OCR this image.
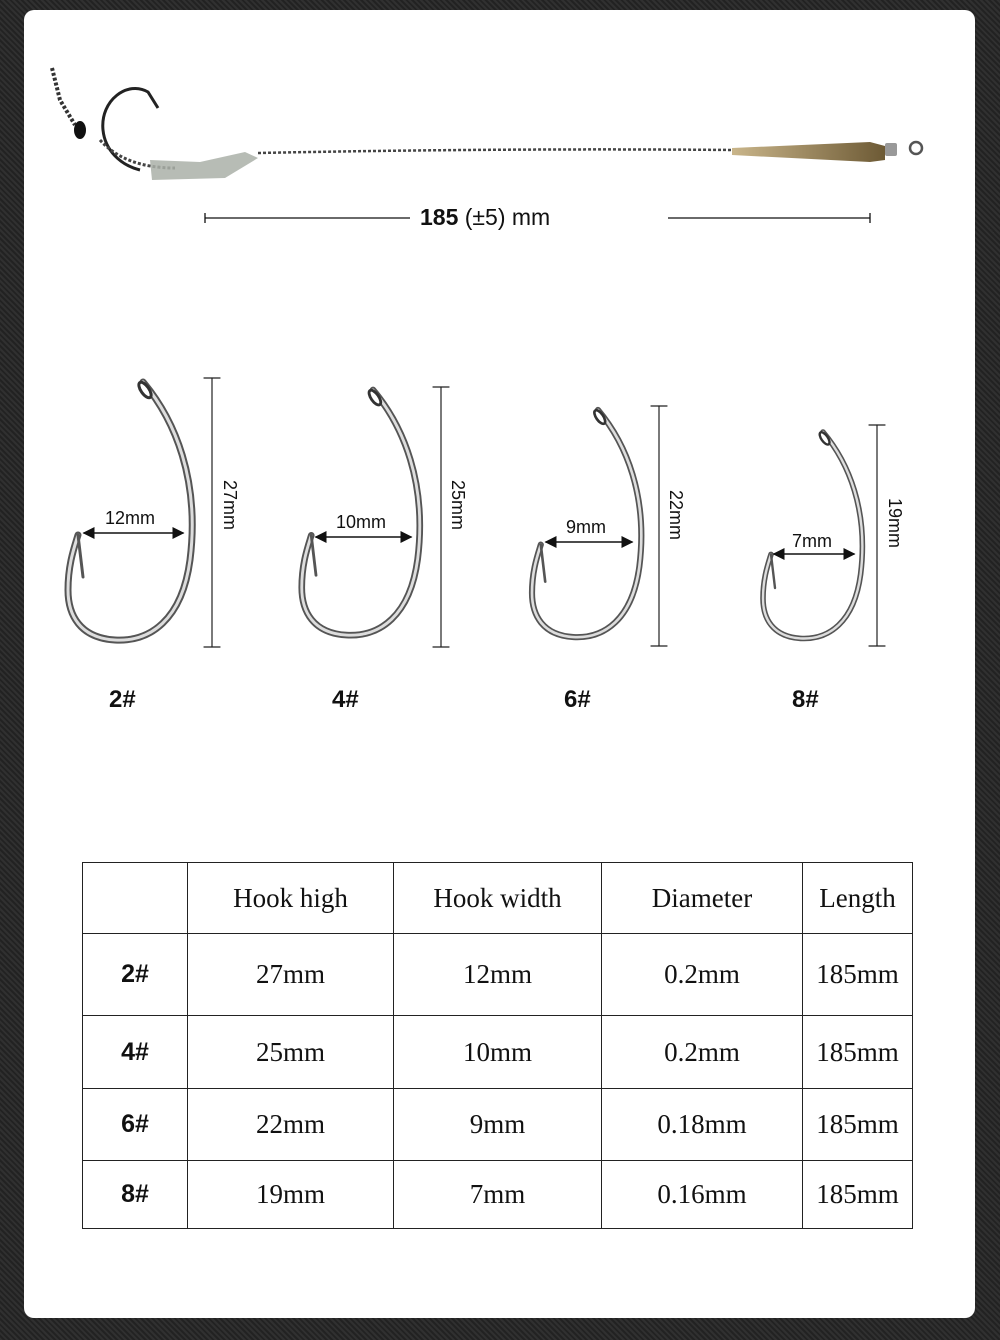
185 (±5) mm
12mm	10mm	9mm
7mm
27mm	25mm	22mm	19mm
2#	4#	6#	8#
	Hook high	Hook width	Diameter	Length
2#	27mm	12mm	0.2mm	185mm
4#	25mm	10mm	0.2mm	185mm
6#	22mm	9mm	0.18mm	185mm
8#	19mm	7mm	0.16mm	185mm
